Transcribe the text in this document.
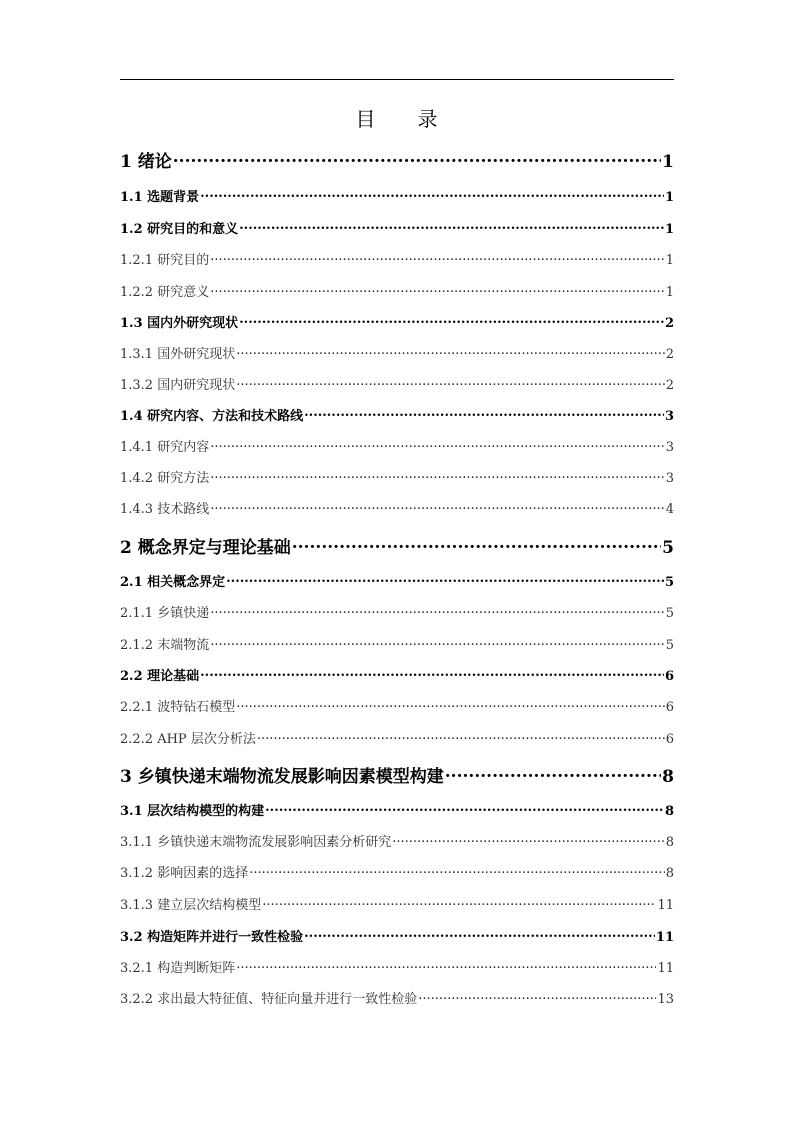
目 录
1 绪论 .....	1
1.1 选题背景 .....	1
1.2 研究目的和意义 .....	1
1.2.1 研究目的 .....	1
1.2.2 研究意义 .....	1
1.3 国内外研究现状 .....	2
1.3.1 国外研究现状 .....	2
1.3.2 国内研究现状 .....	2
1.4 研究内容、方法和技术路线 .....	3
1.4.1 研究内容 .....	3
1.4.2 研究方法 .....	3
1.4.3 技术路线 .....	4
2 概念界定与理论基础 .....	5
2.1 相关概念界定 .....	5
2.1.1 乡镇快递 .....	5
2.1.2 末端物流 .....	5
2.2 理论基础 .....	6
2.2.1 波特钻石模型 .....	6
2.2.2 AHP 层次分析法 .....	6
3 乡镇快递末端物流发展影响因素模型构建 .....	8
3.1 层次结构模型的构建 .....	8
3.1.1 乡镇快递末端物流发展影响因素分析研究 .....	8
3.1.2 影响因素的选择 .....	8
3.1.3 建立层次结构模型 .....	11
3.2 构造矩阵并进行一致性检验 .....	11
3.2.1 构造判断矩阵 .....	11
3.2.2 求出最大特征值、特征向量并进行一致性检验 .....	13
